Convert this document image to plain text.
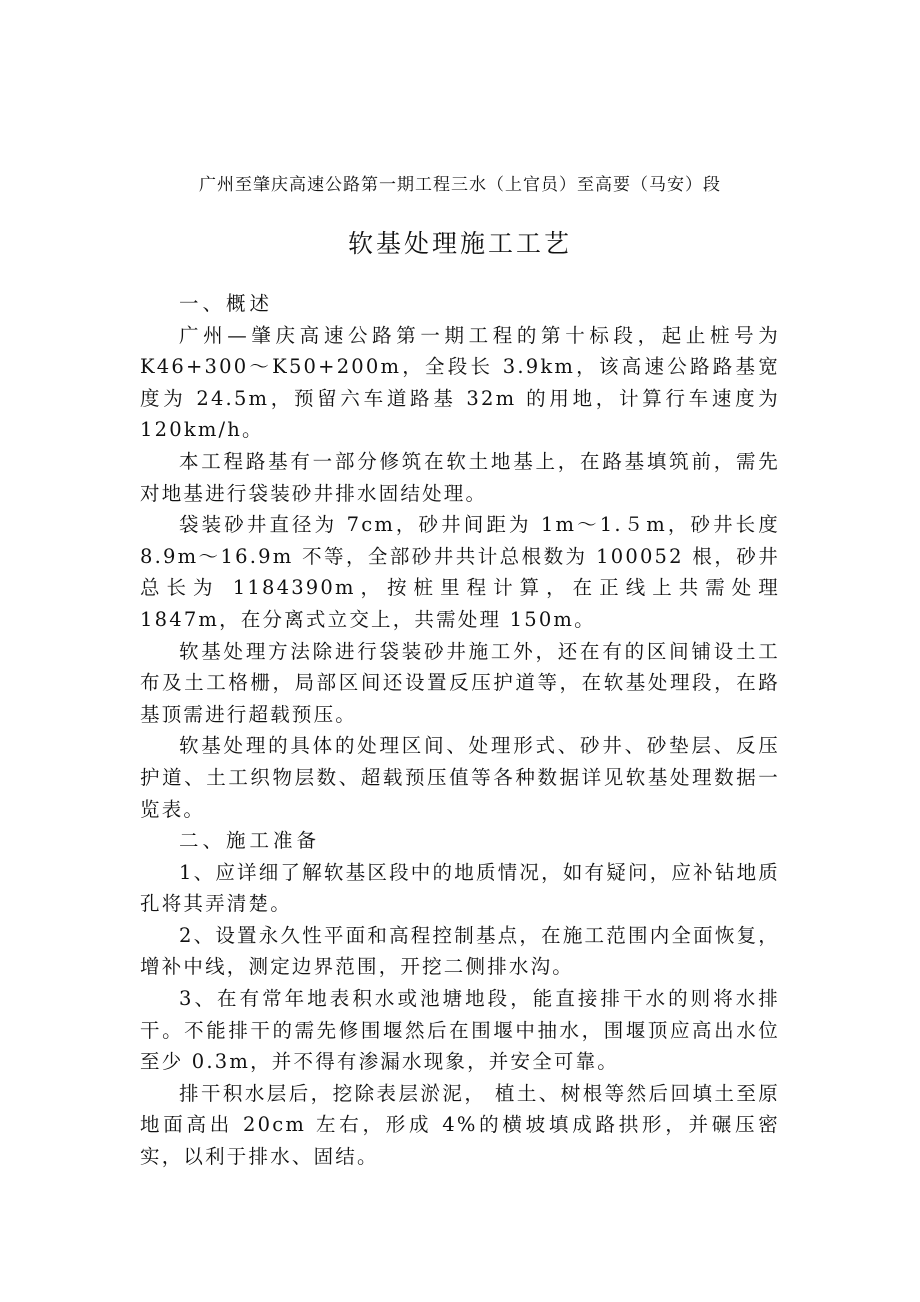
广州至肇庆高速公路第一期工程三水（上官员）至高要（马安）段
软基处理施工工艺

一、概述

广州—肇庆高速公路第一期工程的第十标段，起止桩号为 K46+300～K50+200m，全段长 3.9km，该高速公路路基宽度为 24.5m，预留六车道路基 32m 的用地，计算行车速度为 120km/h。

本工程路基有一部分修筑在软土地基上，在路基填筑前，需先对地基进行袋装砂井排水固结处理。

袋装砂井直径为 7cm，砂井间距为 1m～1.５m，砂井长度 8.9m～16.9m 不等，全部砂井共计总根数为 100052 根，砂井总长为 1184390m，按桩里程计算，在正线上共需处理 1847m，在分离式立交上，共需处理 150m。

软基处理方法除进行袋装砂井施工外，还在有的区间铺设土工布及土工格栅，局部区间还设置反压护道等，在软基处理段，在路基顶需进行超载预压。

软基处理的具体的处理区间、处理形式、砂井、砂垫层、反压护道、土工织物层数、超载预压值等各种数据详见软基处理数据一览表。

二、施工准备

1、应详细了解软基区段中的地质情况，如有疑问，应补钻地质孔将其弄清楚。

2、设置永久性平面和高程控制基点，在施工范围内全面恢复，增补中线，测定边界范围，开挖二侧排水沟。

3、在有常年地表积水或池塘地段，能直接排干水的则将水排干。不能排干的需先修围堰然后在围堰中抽水，围堰顶应高出水位至少 0.3m，并不得有渗漏水现象，并安全可靠。

排干积水层后，挖除表层淤泥， 植土、树根等然后回填土至原地面高出 20cm 左右，形成 4%的横坡填成路拱形，并碾压密实，以利于排水、固结。
